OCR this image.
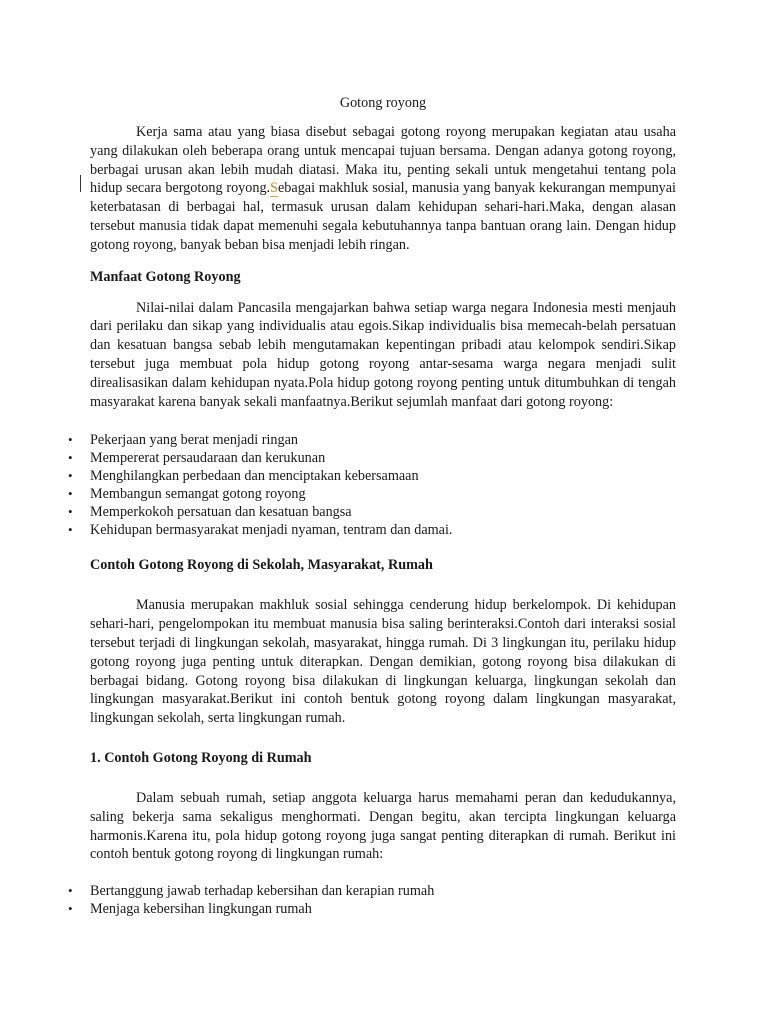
Gotong royong

Kerja sama atau yang biasa disebut sebagai gotong royong merupakan kegiatan atau usaha yang dilakukan oleh beberapa orang untuk mencapai tujuan bersama. Dengan adanya gotong royong, berbagai urusan akan lebih mudah diatasi. Maka itu, penting sekali untuk mengetahui tentang pola hidup secara bergotong royong.Sebagai makhluk sosial, manusia yang banyak kekurangan mempunyai keterbatasan di berbagai hal, termasuk urusan dalam kehidupan sehari-hari.Maka, dengan alasan tersebut manusia tidak dapat memenuhi segala kebutuhannya tanpa bantuan orang lain. Dengan hidup gotong royong, banyak beban bisa menjadi lebih ringan.

Manfaat Gotong Royong

Nilai-nilai dalam Pancasila mengajarkan bahwa setiap warga negara Indonesia mesti menjauh dari perilaku dan sikap yang individualis atau egois.Sikap individualis bisa memecah-belah persatuan dan kesatuan bangsa sebab lebih mengutamakan kepentingan pribadi atau kelompok sendiri.Sikap tersebut juga membuat pola hidup gotong royong antar-sesama warga negara menjadi sulit direalisasikan dalam kehidupan nyata.Pola hidup gotong royong penting untuk ditumbuhkan di tengah masyarakat karena banyak sekali manfaatnya.Berikut sejumlah manfaat dari gotong royong:

• Pekerjaan yang berat menjadi ringan
• Mempererat persaudaraan dan kerukunan
• Menghilangkan perbedaan dan menciptakan kebersamaan
• Membangun semangat gotong royong
• Memperkokoh persatuan dan kesatuan bangsa
• Kehidupan bermasyarakat menjadi nyaman, tentram dan damai.
Contoh Gotong Royong di Sekolah, Masyarakat, Rumah

Manusia merupakan makhluk sosial sehingga cenderung hidup berkelompok. Di kehidupan sehari-hari, pengelompokan itu membuat manusia bisa saling berinteraksi.Contoh dari interaksi sosial tersebut terjadi di lingkungan sekolah, masyarakat, hingga rumah. Di 3 lingkungan itu, perilaku hidup gotong royong juga penting untuk diterapkan. Dengan demikian, gotong royong bisa dilakukan di berbagai bidang. Gotong royong bisa dilakukan di lingkungan keluarga, lingkungan sekolah dan lingkungan masyarakat.Berikut ini contoh bentuk gotong royong dalam lingkungan masyarakat, lingkungan sekolah, serta lingkungan rumah.

1. Contoh Gotong Royong di Rumah

Dalam sebuah rumah, setiap anggota keluarga harus memahami peran dan kedudukannya, saling bekerja sama sekaligus menghormati. Dengan begitu, akan tercipta lingkungan keluarga harmonis.Karena itu, pola hidup gotong royong juga sangat penting diterapkan di rumah. Berikut ini contoh bentuk gotong royong di lingkungan rumah:

• Bertanggung jawab terhadap kebersihan dan kerapian rumah
• Menjaga kebersihan lingkungan rumah
